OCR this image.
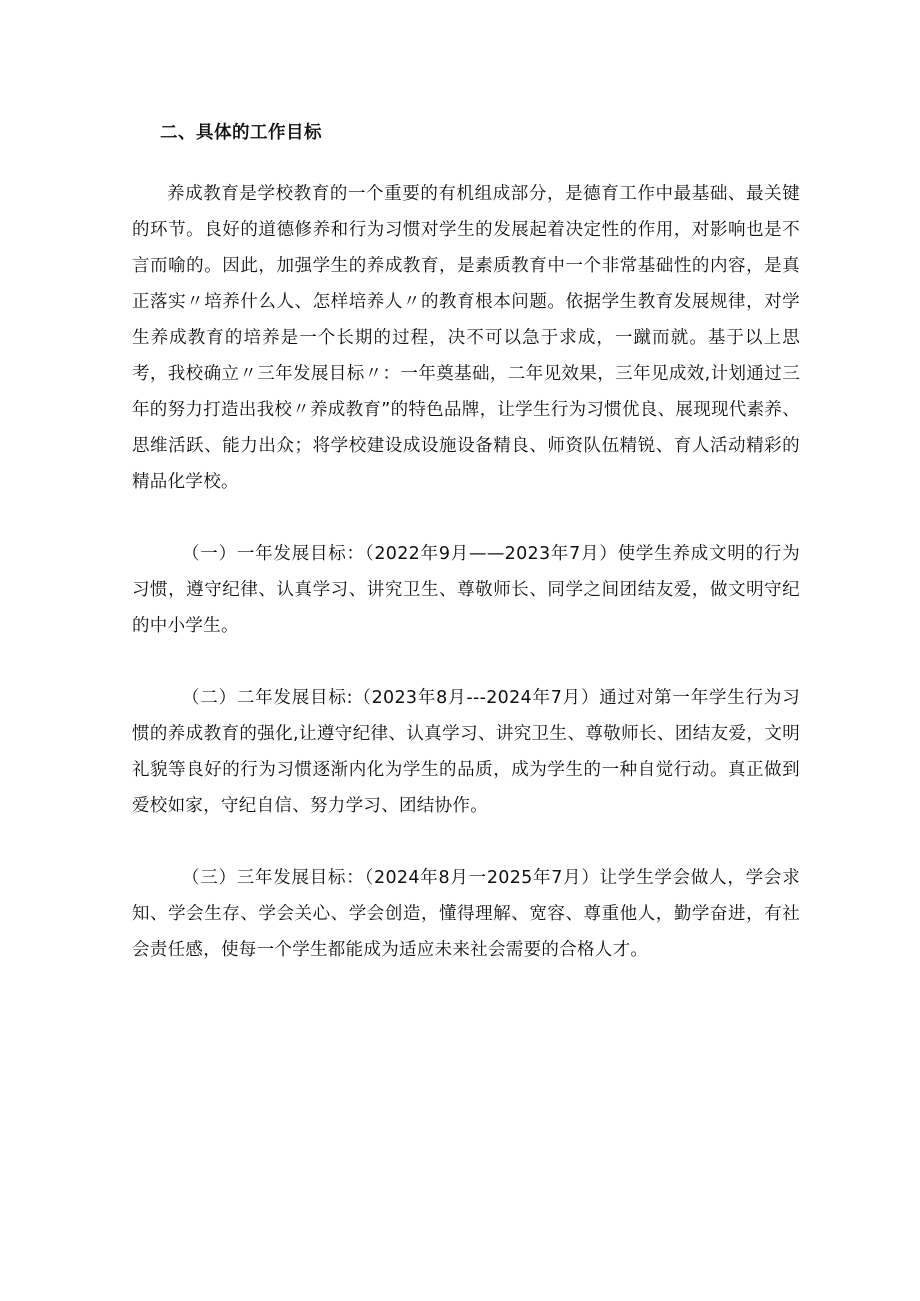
二、具体的工作目标

养成教育是学校教育的一个重要的有机组成部分，是德育工作中最基础、最关键的环节。良好的道德修养和行为习惯对学生的发展起着决定性的作用，对影响也是不言而喻的。因此，加强学生的养成教育，是素质教育中一个非常基础性的内容，是真正落实〃培养什么人、怎样培养人〃的教育根本问题。依据学生教育发展规律，对学生养成教育的培养是一个长期的过程，决不可以急于求成，一蹴而就。基于以上思考，我校确立〃三年发展目标〃：一年奠基础，二年见效果，三年见成效,计划通过三年的努力打造出我校〃养成教育”的特色品牌，让学生行为习惯优良、展现现代素养、思维活跃、能力出众；将学校建设成设施设备精良、师资队伍精锐、育人活动精彩的精品化学校。

（一）一年发展目标：（2022年9月——2023年7月）使学生养成文明的行为习惯，遵守纪律、认真学习、讲究卫生、尊敬师长、同学之间团结友爱，做文明守纪的中小学生。

（二）二年发展目标:（2023年8月---2024年7月）通过对第一年学生行为习惯的养成教育的强化,让遵守纪律、认真学习、讲究卫生、尊敬师长、团结友爱，文明礼貌等良好的行为习惯逐渐内化为学生的品质，成为学生的一种自觉行动。真正做到爱校如家，守纪自信、努力学习、团结协作。

（三）三年发展目标：（2024年8月一2025年7月）让学生学会做人，学会求知、学会生存、学会关心、学会创造，懂得理解、宽容、尊重他人，勤学奋进，有社会责任感，使每一个学生都能成为适应未来社会需要的合格人才。
